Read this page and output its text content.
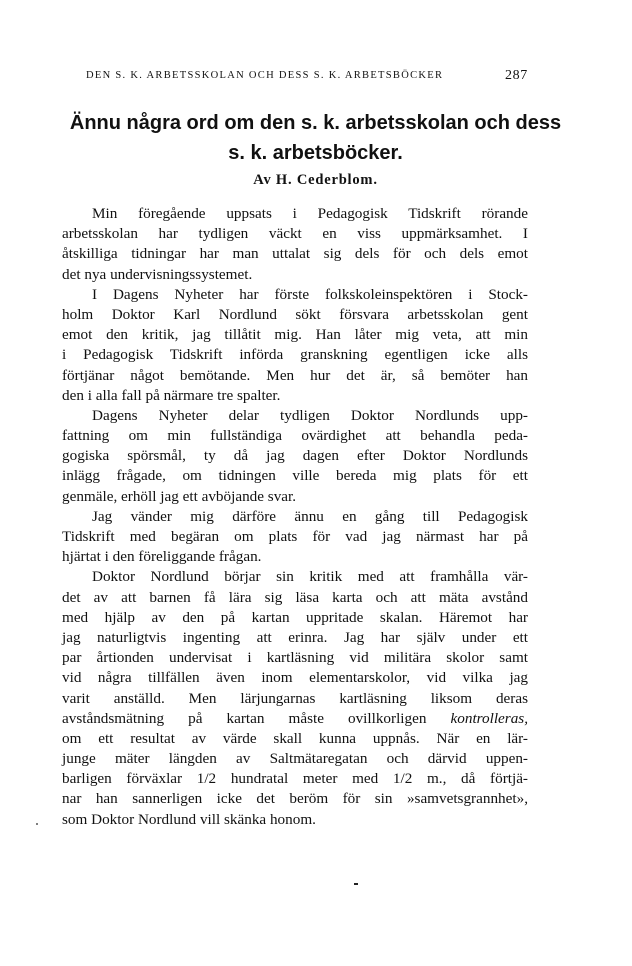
DEN S. K. ARBETSSKOLAN OCH DESS S. K. ARBETSBÖCKER	287
Ännu några ord om den s. k. arbetsskolan och dess
s. k. arbetsböcker.
Av H. Cederblom.
Min föregående uppsats i Pedagogisk Tidskrift rörande
arbetsskolan har tydligen väckt en viss uppmärksamhet. I
åtskilliga tidningar har man uttalat sig dels för och dels emot
det nya undervisningssystemet.
I Dagens Nyheter har förste folkskoleinspektören i Stock-
holm Doktor Karl Nordlund sökt försvara arbetsskolan gent
emot den kritik, jag tillåtit mig. Han låter mig veta, att min
i Pedagogisk Tidskrift införda granskning egentligen icke alls
förtjänar något bemötande. Men hur det är, så bemöter han
den i alla fall på närmare tre spalter.
Dagens Nyheter delar tydligen Doktor Nordlunds upp-
fattning om min fullständiga ovärdighet att behandla peda-
gogiska spörsmål, ty då jag dagen efter Doktor Nordlunds
inlägg frågade, om tidningen ville bereda mig plats för ett
genmäle, erhöll jag ett avböjande svar.
Jag vänder mig därföre ännu en gång till Pedagogisk
Tidskrift med begäran om plats för vad jag närmast har på
hjärtat i den föreliggande frågan.
Doktor Nordlund börjar sin kritik med att framhålla vär-
det av att barnen få lära sig läsa karta och att mäta avstånd
med hjälp av den på kartan uppritade skalan. Häremot har
jag naturligtvis ingenting att erinra. Jag har själv under ett
par årtionden undervisat i kartläsning vid militära skolor samt
vid några tillfällen även inom elementarskolor, vid vilka jag
varit anställd. Men lärjungarnas kartläsning liksom deras
avståndsmätning på kartan måste ovillkorligen kontrolleras,
om ett resultat av värde skall kunna uppnås. När en lär-
junge mäter längden av Saltmätaregatan och därvid uppen-
barligen förväxlar 1/2 hundratal meter med 1/2 m., då förtjä-
nar han sannerligen icke det beröm för sin »samvetsgrannhet»,
som Doktor Nordlund vill skänka honom.
